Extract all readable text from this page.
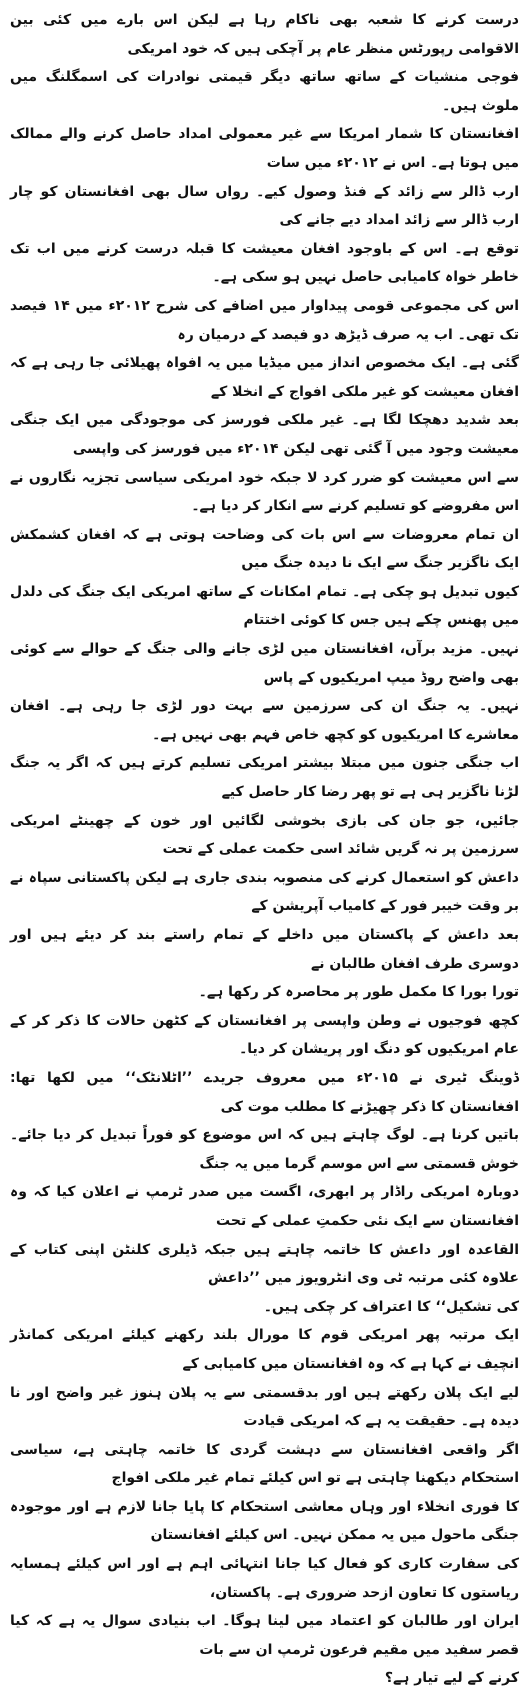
درست کرنے کا شعبہ بھی ناکام رہا ہے لیکن اس بارے میں کئی بین الاقوامی رپورٹس منظر عام پر آچکی ہیں کہ خود امریکی
فوجی منشیات کے ساتھ ساتھ دیگر قیمتی نوادرات کی اسمگلنگ میں ملوث ہیں۔

افغانستان کا شمار امریکا سے غیر معمولی امداد حاصل کرنے والے ممالک میں ہوتا ہے۔ اس نے ۲۰۱۲ء میں سات
ارب ڈالر سے زائد کے فنڈ وصول کیے۔ رواں سال بھی افغانستان کو چار ارب ڈالر سے زائد امداد دیے جانے کی
توقع ہے۔ اس کے باوجود افغان معیشت کا قبلہ درست کرنے میں اب تک خاطر خواہ کامیابی حاصل نہیں ہو سکی ہے۔
اس کی مجموعی قومی پیداوار میں اضافے کی شرح ۲۰۱۲ء میں ۱۴ فیصد تک تھی۔ اب یہ صرف ڈیڑھ دو فیصد کے درمیان رہ
گئی ہے۔ ایک مخصوص انداز میں میڈیا میں یہ افواہ پھیلائی جا رہی ہے کہ افغان معیشت کو غیر ملکی افواج کے انخلا کے
بعد شدید دھچکا لگا ہے۔ غیر ملکی فورسز کی موجودگی میں ایک جنگی معیشت وجود میں آ گئی تھی لیکن ۲۰۱۴ء میں فورسز کی واپسی
سے اس معیشت کو ضرر کرد لا جبکہ خود امریکی سیاسی تجزیہ نگاروں نے اس مفروضے کو تسلیم کرنے سے انکار کر دیا ہے۔

ان تمام معروضات سے اس بات کی وضاحت ہوتی ہے کہ افغان کشمکش ایک ناگزیر جنگ سے ایک نا دیدہ جنگ میں
کیوں تبدیل ہو چکی ہے۔ تمام امکانات کے ساتھ امریکی ایک جنگ کی دلدل میں پھنس چکے ہیں جس کا کوئی اختتام
نہیں۔ مزید برآں، افغانستان میں لڑی جانے والی جنگ کے حوالے سے کوئی بھی واضح روڈ میپ امریکیوں کے پاس
نہیں۔ یہ جنگ ان کی سرزمین سے بہت دور لڑی جا رہی ہے۔ افغان معاشرے کا امریکیوں کو کچھ خاص فہم بھی نہیں ہے۔
اب جنگی جنون میں مبتلا بیشتر امریکی تسلیم کرتے ہیں کہ اگر یہ جنگ لڑنا ناگزیر ہی ہے تو پھر رضا کار حاصل کیے
جائیں، جو جان کی بازی بخوشی لگائیں اور خون کے چھینٹے امریکی سرزمین پر نہ گریں شائد اسی حکمت عملی کے تحت
داعش کو استعمال کرنے کی منصوبہ بندی جاری ہے لیکن پاکستانی سپاہ نے بر وقت خیبر فور کے کامیاب آپریشن کے
بعد داعش کے پاکستان میں داخلے کے تمام راستے بند کر دیئے ہیں اور دوسری طرف افغان طالبان نے
تورا بورا کا مکمل طور پر محاصرہ کر رکھا ہے۔

کچھ فوجیوں نے وطن واپسی پر افغانستان کے کٹھن حالات کا ذکر کر کے عام امریکیوں کو دنگ اور پریشان کر دیا۔
ڈوینگ ٹیری نے ۲۰۱۵ء میں معروف جریدے ’’اٹلانٹک‘‘ میں لکھا تھا: افغانستان کا ذکر چھیڑنے کا مطلب موت کی
باتیں کرنا ہے۔ لوگ چاہتے ہیں کہ اس موضوع کو فوراً تبدیل کر دیا جائے۔ خوش قسمتی سے اس موسم گرما میں یہ جنگ
دوبارہ امریکی راڈار پر ابھری، اگست میں صدر ٹرمپ نے اعلان کیا کہ وہ افغانستان سے ایک نئی حکمتِ عملی کے تحت
القاعدہ اور داعش کا خاتمہ چاہتے ہیں جبکہ ڈیلری کلنٹن اپنی کتاب کے علاوہ کئی مرتبہ ٹی وی انٹرویوز میں ’’داعش
کی تشکیل‘‘ کا اعتراف کر چکی ہیں۔

ایک مرتبہ پھر امریکی قوم کا مورال بلند رکھنے کیلئے امریکی کمانڈر انچیف نے کہا ہے کہ وہ افغانستان میں کامیابی کے
لیے ایک پلان رکھتے ہیں اور بدقسمتی سے یہ پلان ہنوز غیر واضح اور نا دیدہ ہے۔ حقیقت یہ ہے کہ امریکی قیادت
اگر واقعی افغانستان سے دہشت گردی کا خاتمہ چاہتی ہے، سیاسی استحکام دیکھنا چاہتی ہے تو اس کیلئے تمام غیر ملکی افواج
کا فوری انخلاء اور وہاں معاشی استحکام کا پایا جانا لازم ہے اور موجودہ جنگی ماحول میں یہ ممکن نہیں۔ اس کیلئے افغانستان
کی سفارت کاری کو فعال کیا جانا انتہائی اہم ہے اور اس کیلئے ہمسایہ ریاستوں کا تعاون ازحد ضروری ہے۔ پاکستان،
ایران اور طالبان کو اعتماد میں لینا ہوگا۔ اب بنیادی سوال یہ ہے کہ کیا قصر سفید میں مقیم فرعون ٹرمپ ان سے بات
کرنے کے لیے تیار ہے؟
